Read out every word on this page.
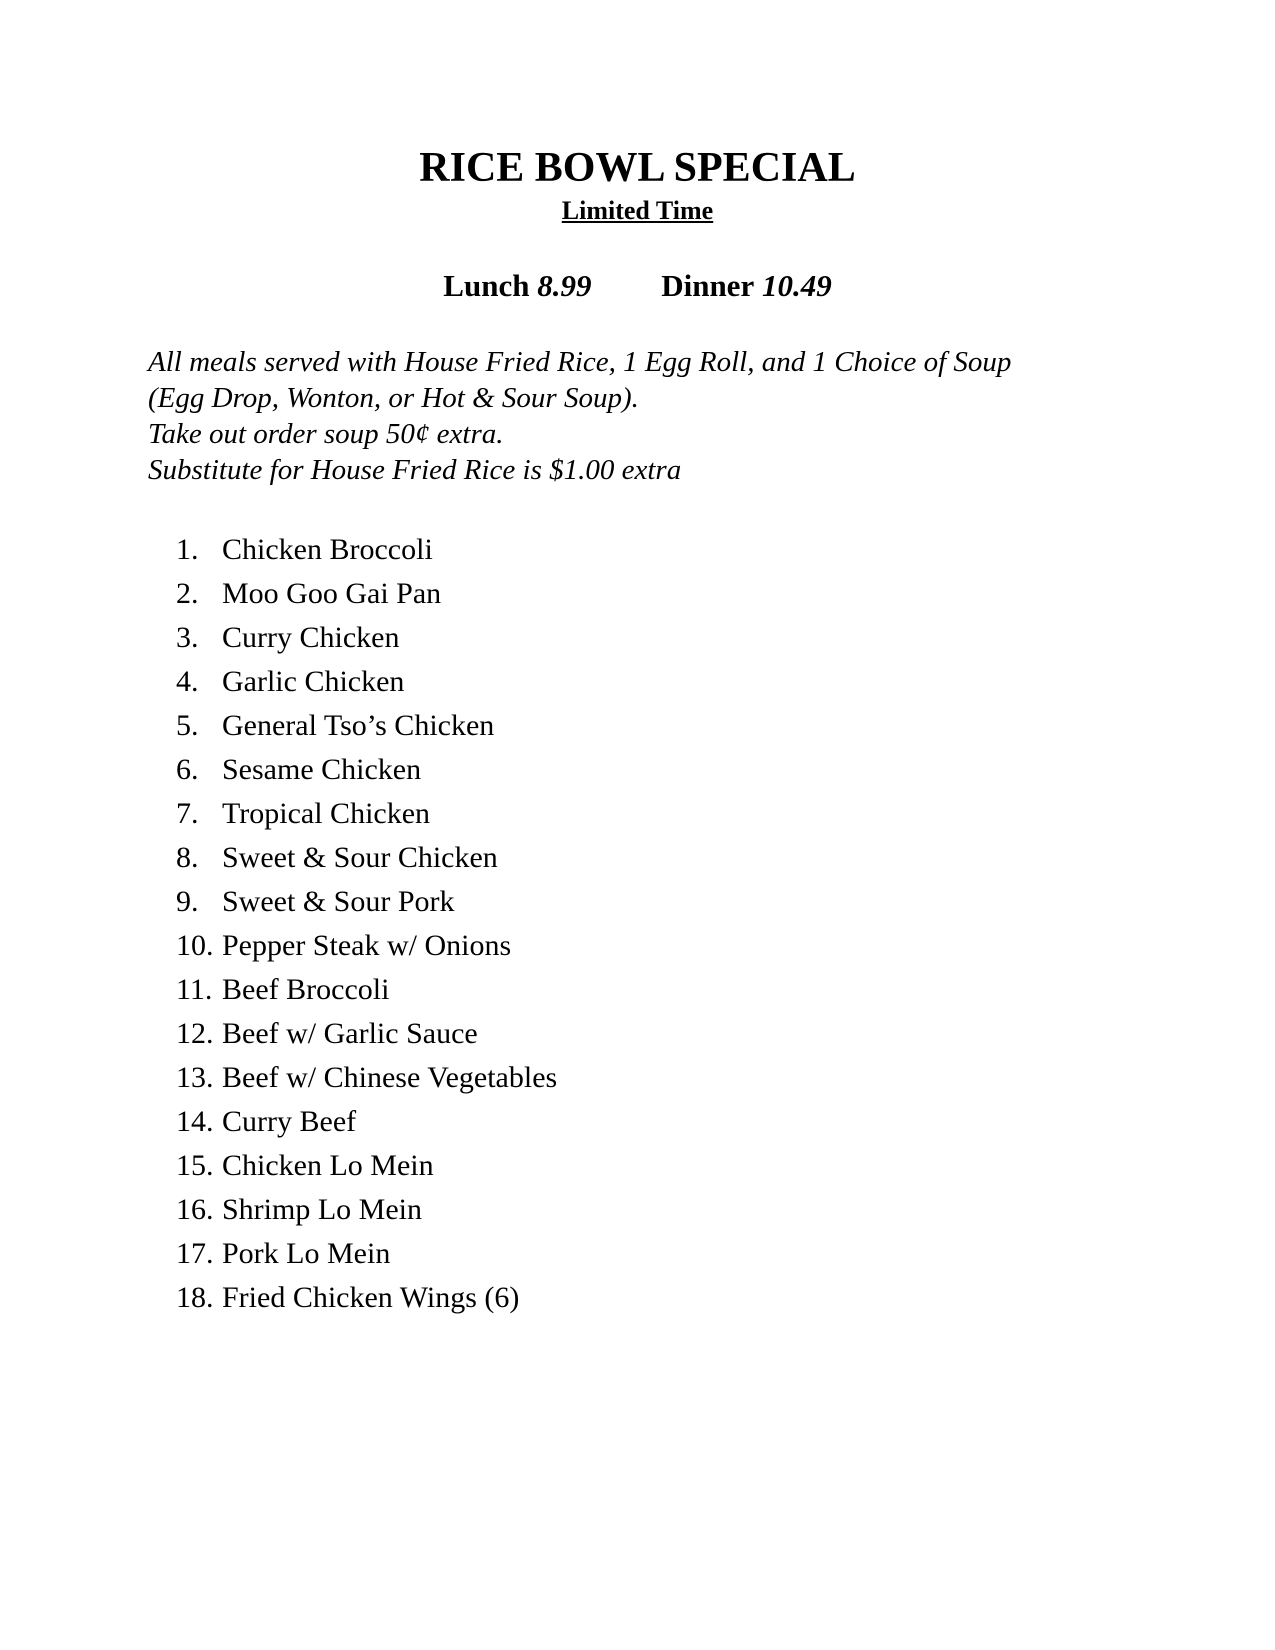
RICE BOWL SPECIAL
Limited Time
Lunch 8.99 Dinner 10.49
All meals served with House Fried Rice, 1 Egg Roll, and 1 Choice of Soup
(Egg Drop, Wonton, or Hot & Sour Soup).
Take out order soup 50¢ extra.
Substitute for House Fried Rice is $1.00 extra
1. Chicken Broccoli
2. Moo Goo Gai Pan
3. Curry Chicken
4. Garlic Chicken
5. General Tso’s Chicken
6. Sesame Chicken
7. Tropical Chicken
8. Sweet & Sour Chicken
9. Sweet & Sour Pork
10. Pepper Steak w/ Onions
11. Beef Broccoli
12. Beef w/ Garlic Sauce
13. Beef w/ Chinese Vegetables
14. Curry Beef
15. Chicken Lo Mein
16. Shrimp Lo Mein
17. Pork Lo Mein
18. Fried Chicken Wings (6)
